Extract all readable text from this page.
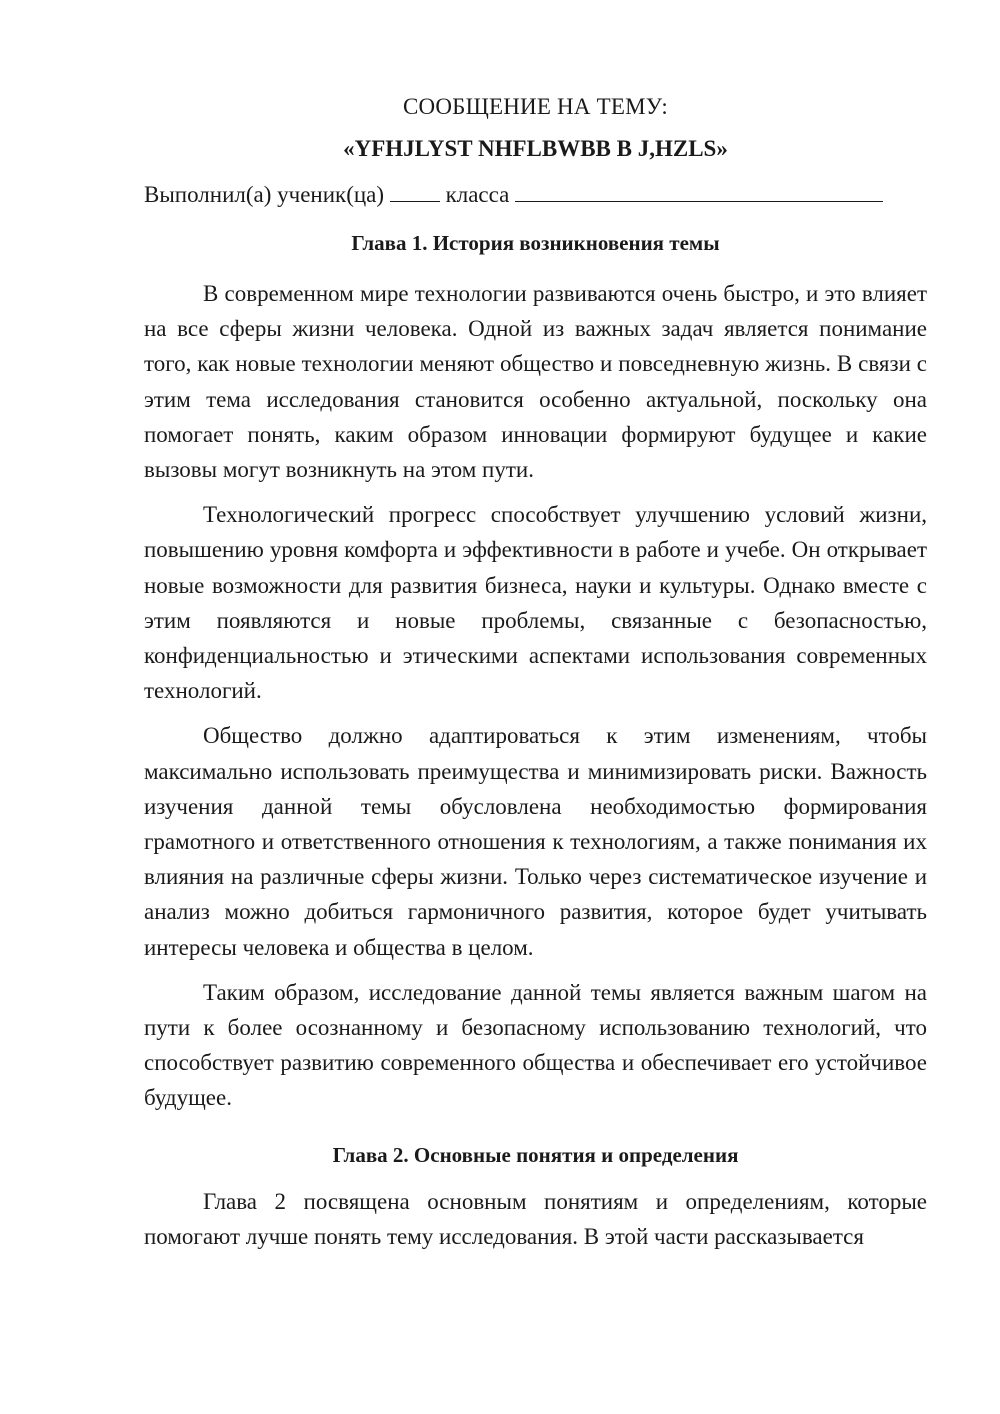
СООБЩЕНИЕ НА ТЕМУ:

«YFHJLYST NHFLBWBB B J,HZLS»

Выполнил(а) ученик(ца)  класса

Глава 1. История возникновения темы

В современном мире технологии развиваются очень быстро, и это влияет на все сферы жизни человека. Одной из важных задач является понимание того, как новые технологии меняют общество и повседневную жизнь. В связи с этим тема исследования становится особенно актуальной, поскольку она помогает понять, каким образом инновации формируют будущее и какие вызовы могут возникнуть на этом пути.

Технологический прогресс способствует улучшению условий жизни, повышению уровня комфорта и эффективности в работе и учебе. Он открывает новые возможности для развития бизнеса, науки и культуры. Однако вместе с этим появляются и новые проблемы, связанные с безопасностью, конфиденциальностью и этическими аспектами использования современных технологий.

Общество должно адаптироваться к этим изменениям, чтобы максимально использовать преимущества и минимизировать риски. Важность изучения данной темы обусловлена необходимостью формирования грамотного и ответственного отношения к технологиям, а также понимания их влияния на различные сферы жизни. Только через систематическое изучение и анализ можно добиться гармоничного развития, которое будет учитывать интересы человека и общества в целом.

Таким образом, исследование данной темы является важным шагом на пути к более осознанному и безопасному использованию технологий, что способствует развитию современного общества и обеспечивает его устойчивое будущее.

Глава 2. Основные понятия и определения

Глава 2 посвящена основным понятиям и определениям, которые помогают лучше понять тему исследования. В этой части рассказывается
